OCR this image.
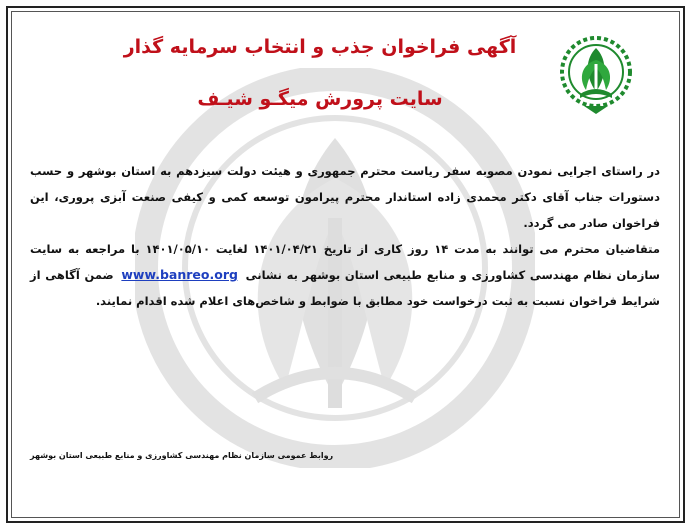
آگهی فراخوان جذب و انتخاب سرمایه گذار
سایت پرورش میگـو شیـف

در راستای اجرایی نمودن مصوبه سفر ریاست محترم جمهوری و هیئت دولت سیزدهم به استان بوشهر و حسب دستورات جناب آقای دکتر محمدی زاده استاندار محترم پیرامون توسعه کمی و کیفی صنعت آبزی پروری، این فراخوان صادر می گردد.

متقاضیان محترم می توانند به مدت ۱۴ روز کاری از تاریخ ۱۴۰۱/۰۴/۲۱ لغایت ۱۴۰۱/۰۵/۱۰ با مراجعه به سایت سازمان نظام مهندسی کشاورزی و منابع طبیعی استان بوشهر به نشانی www.banreo.org ضمن آگاهی از شرایط فراخوان نسبت به ثبت درخواست خود مطابق با ضوابط و شاخص‌های اعلام شده اقدام نمایند.

روابط عمومی سازمان نظام مهندسی کشاورزی و منابع طبیعی استان بوشهر
